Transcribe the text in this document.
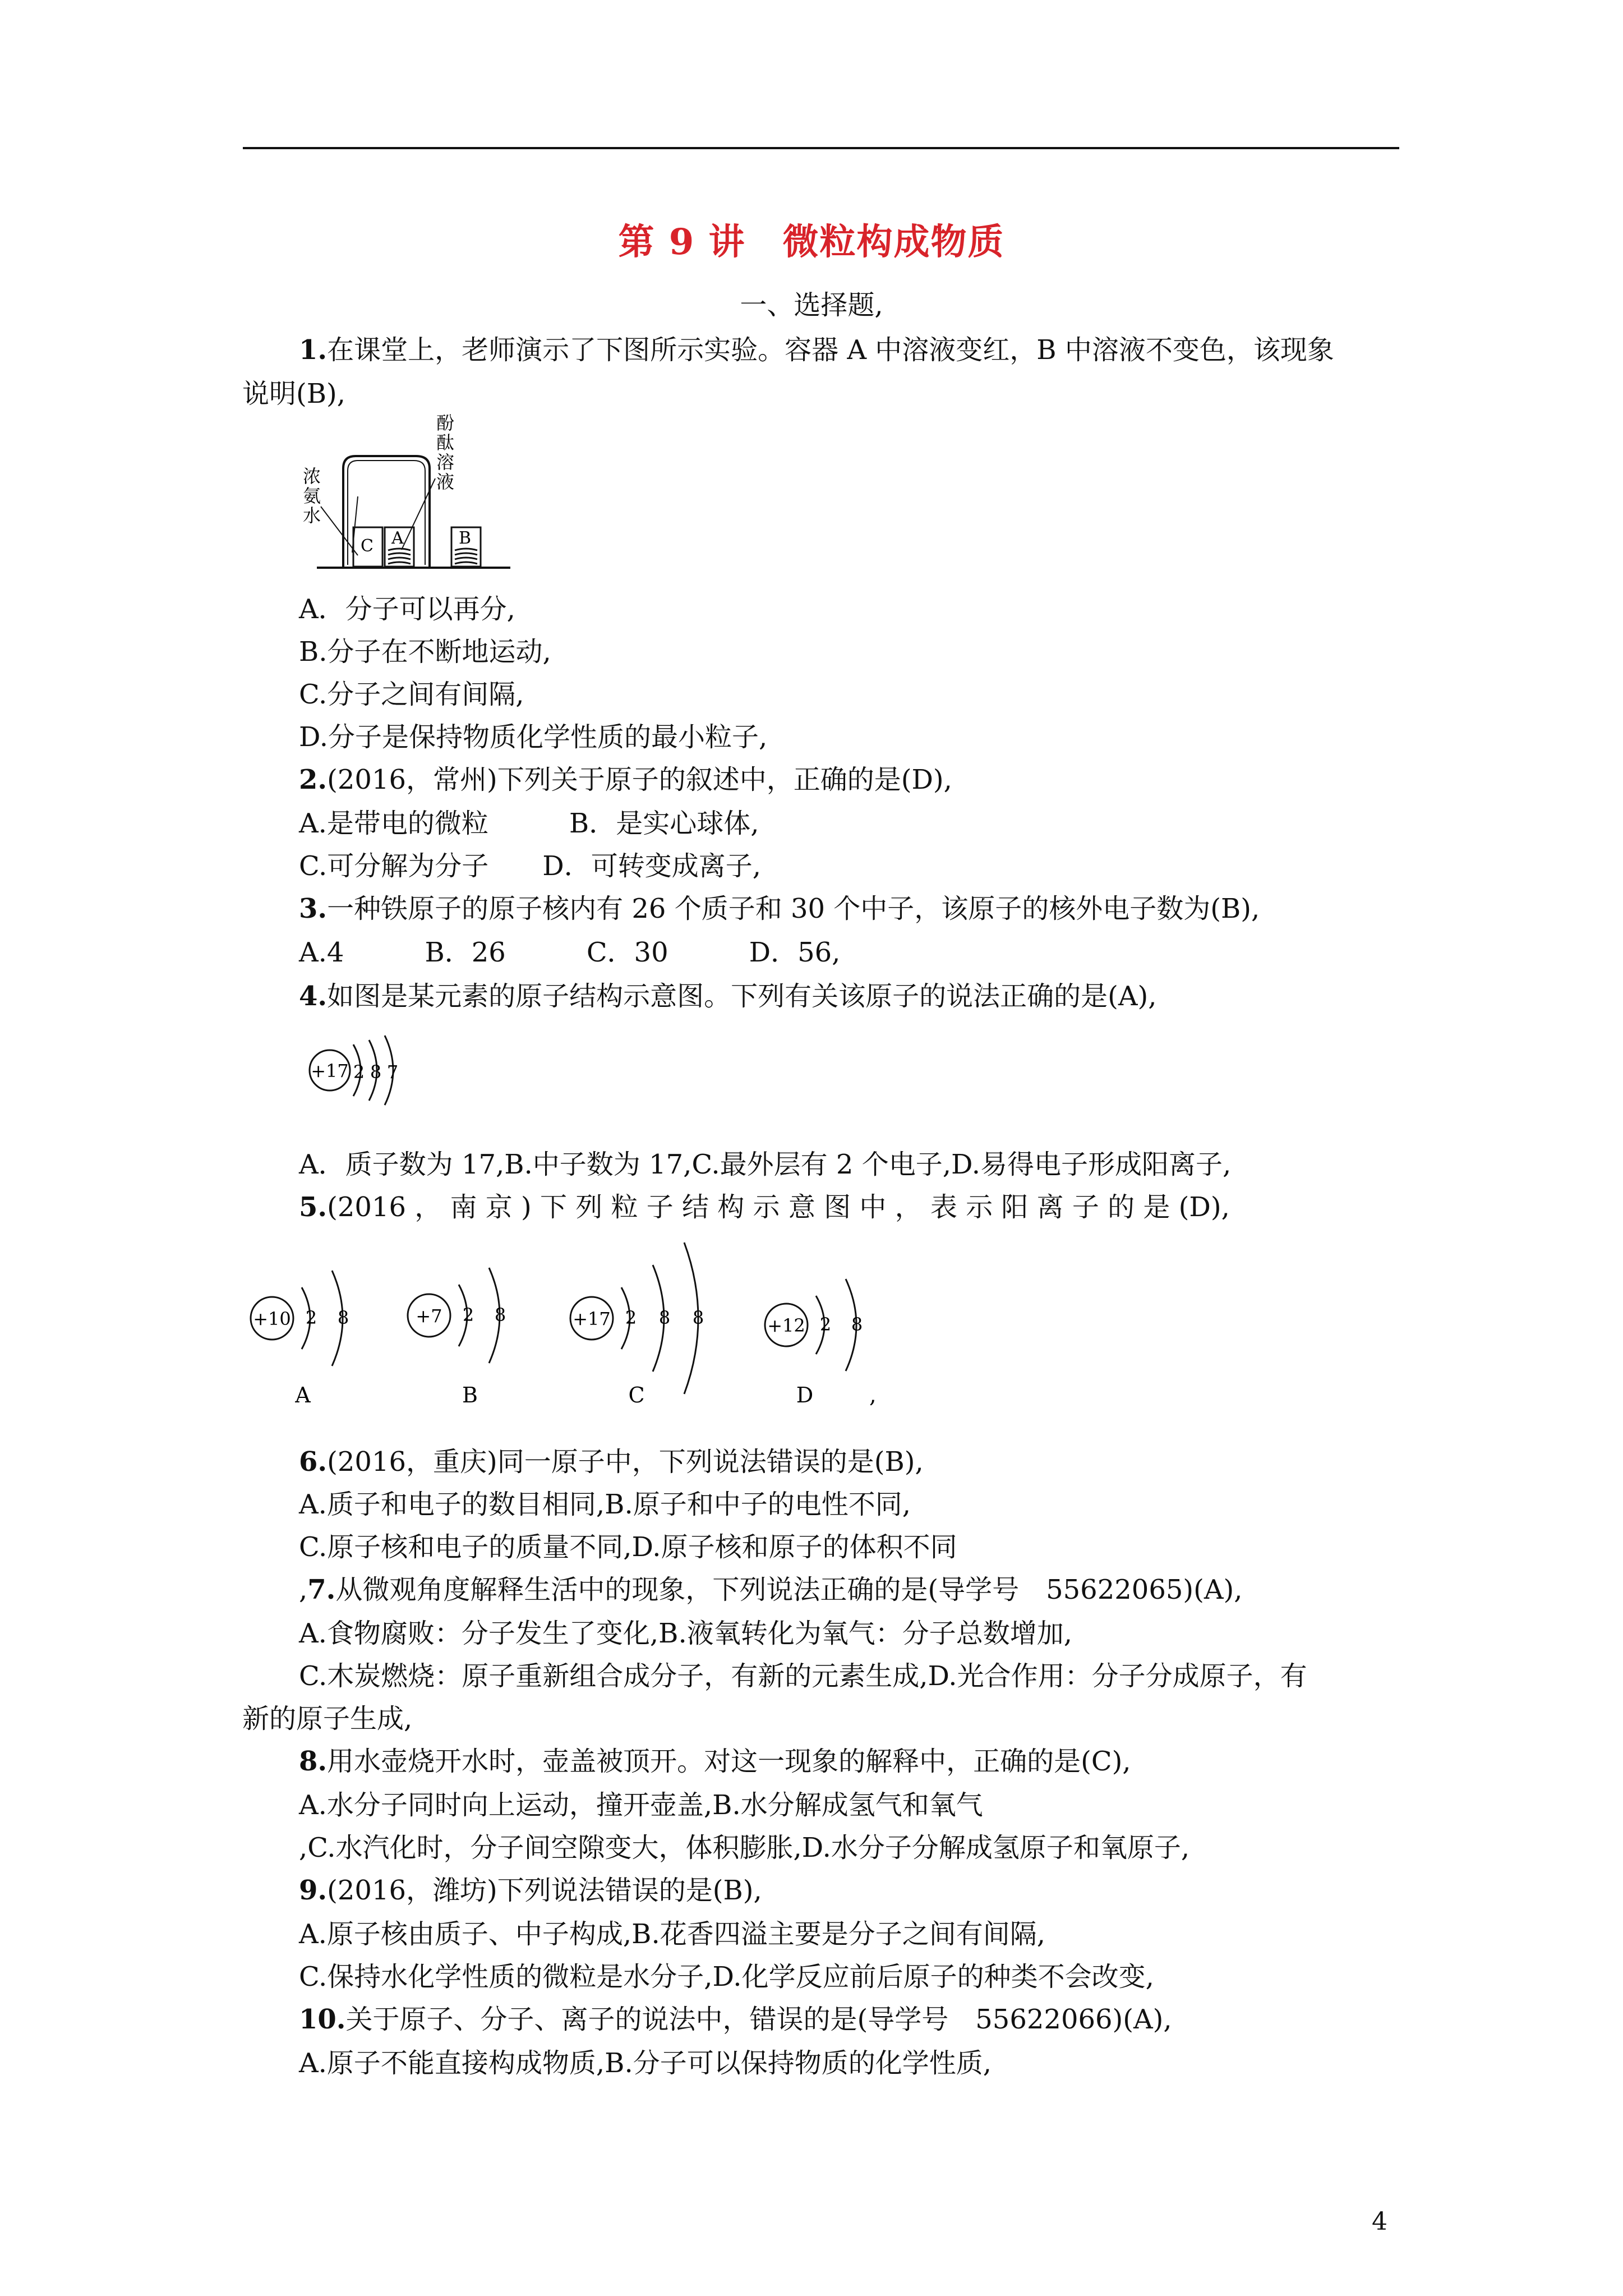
第 9 讲　微粒构成物质
一、选择题,
1.在课堂上，老师演示了下图所示实验。容器 A 中溶液变红，B 中溶液不变色，该现象
说明(B),
浓
氨
水
酚
酞
溶
液
C A	B
A．分子可以再分,
B.分子在不断地运动,
C.分子之间有间隔,
D.分子是保持物质化学性质的最小粒子,
2.(2016，常州)下列关于原子的叙述中，正确的是(D),
A.是带电的微粒　　　B．是实心球体,
C.可分解为分子　　D．可转变成离子,
3.一种铁原子的原子核内有 26 个质子和 30 个中子，该原子的核外电子数为(B),
A.4　　　B．26　　　C．30　　　D．56,
4.如图是某元素的原子结构示意图。下列有关该原子的说法正确的是(A),
+17 2 8 7
A．质子数为 17,B.中子数为 17,C.最外层有 2 个电子,D.易得电子形成阳离子,
5.(2016 ， 南 京 ) 下 列 粒 子 结 构 示 意 图 中 ， 表 示 阳 离 子 的 是 (D),
+10 2 8
A
+7 2 8
B
+17 2 8 8
C
+12 2 8
D ,
6.(2016，重庆)同一原子中，下列说法错误的是(B),
A.质子和电子的数目相同,B.原子和中子的电性不同,
C.原子核和电子的质量不同,D.原子核和原子的体积不同
,7.从微观角度解释生活中的现象，下列说法正确的是(导学号　55622065)(A),
A.食物腐败：分子发生了变化,B.液氧转化为氧气：分子总数增加,
C.木炭燃烧：原子重新组合成分子，有新的元素生成,D.光合作用：分子分成原子，有
新的原子生成,
8.用水壶烧开水时，壶盖被顶开。对这一现象的解释中，正确的是(C),
A.水分子同时向上运动，撞开壶盖,B.水分解成氢气和氧气
,C.水汽化时，分子间空隙变大，体积膨胀,D.水分子分解成氢原子和氧原子,
9.(2016，潍坊)下列说法错误的是(B),
A.原子核由质子、中子构成,B.花香四溢主要是分子之间有间隔,
C.保持水化学性质的微粒是水分子,D.化学反应前后原子的种类不会改变,
10.关于原子、分子、离子的说法中，错误的是(导学号　55622066)(A),
A.原子不能直接构成物质,B.分子可以保持物质的化学性质,
4
